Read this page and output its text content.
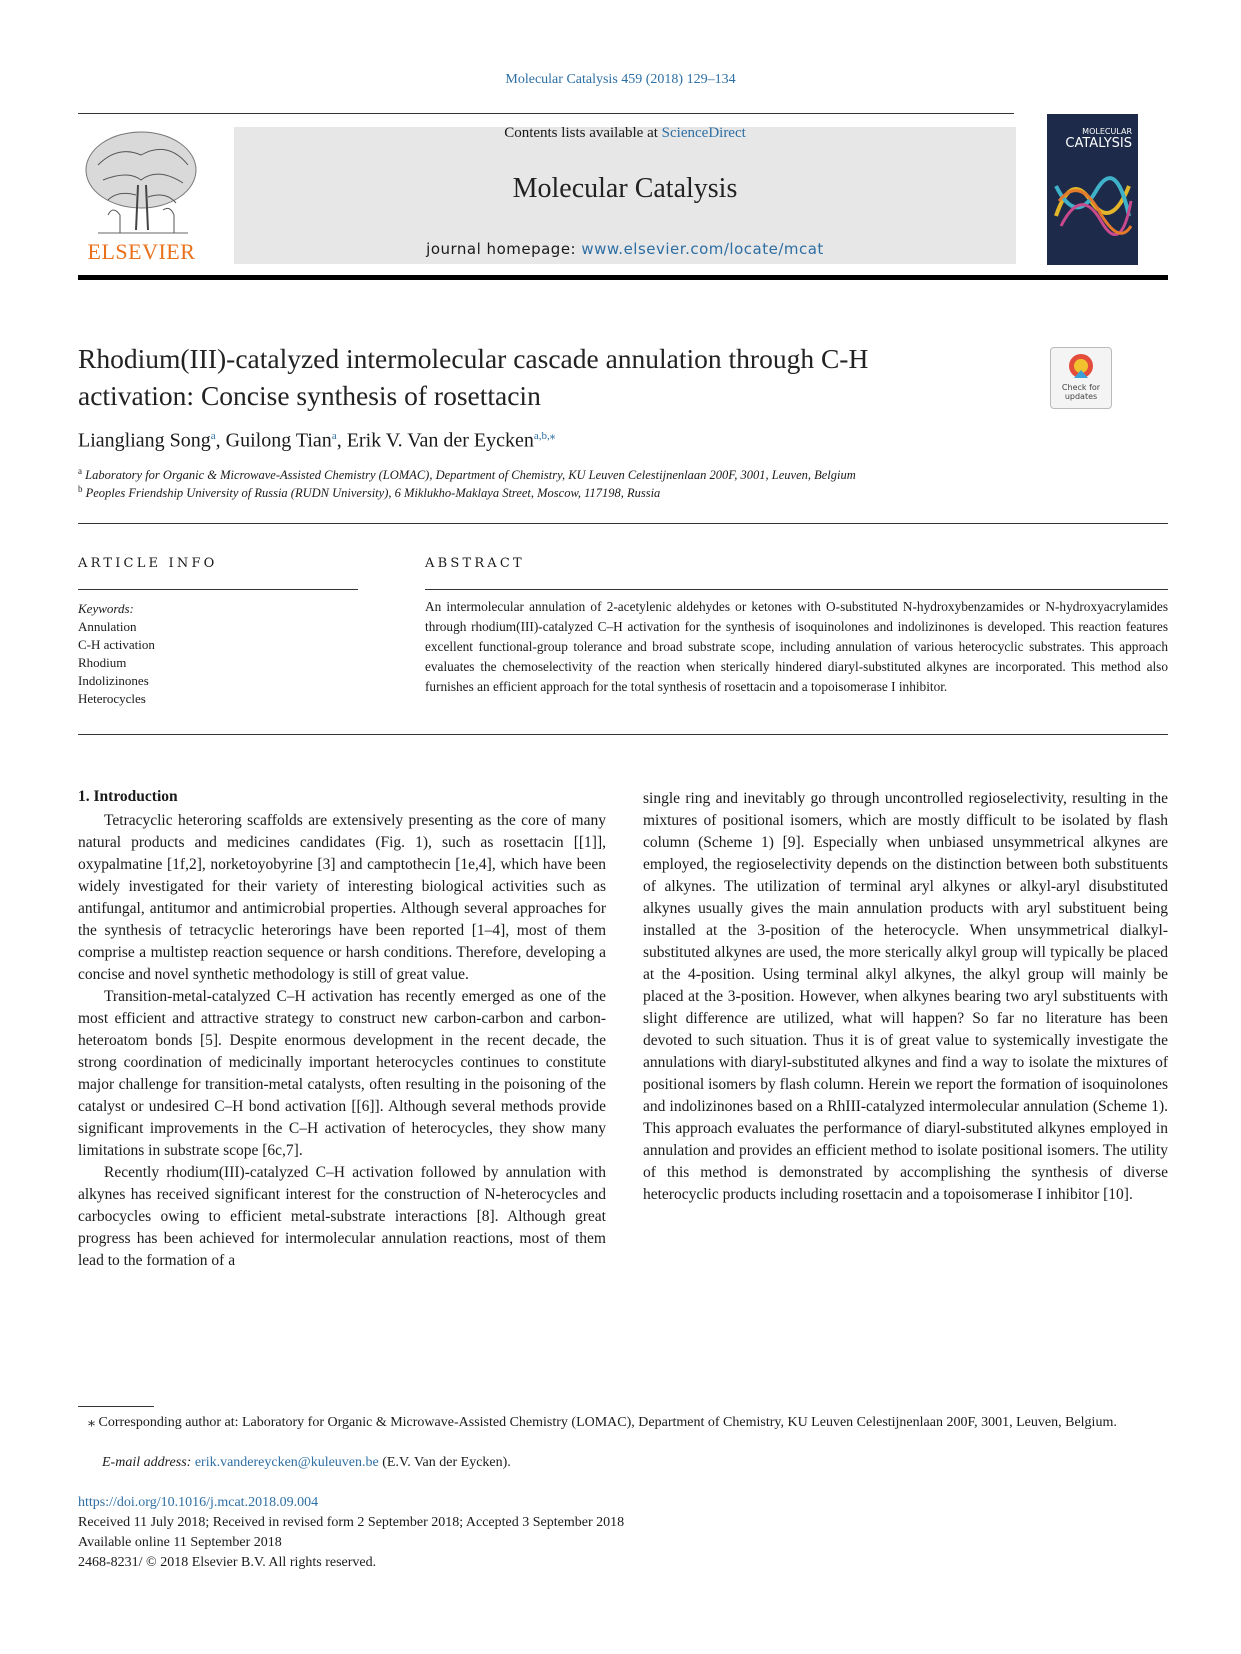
Molecular Catalysis 459 (2018) 129–134
ELSEVIER
Contents lists available at ScienceDirect
Molecular Catalysis
journal homepage: www.elsevier.com/locate/mcat
MOLECULAR
CATALYSIS
Rhodium(III)-catalyzed intermolecular cascade annulation through C-H
activation: Concise synthesis of rosettacin	Check for updates
Liangliang Song$^a$, Guilong Tian$^a$, Erik V. Van der Eycken$^{a,b,⁎}$
$^a$ Laboratory for Organic & Microwave-Assisted Chemistry (LOMAC), Department of Chemistry, KU Leuven Celestijnenlaan 200F, 3001, Leuven, Belgium
$^b$ Peoples Friendship University of Russia (RUDN University), 6 Miklukho-Maklaya Street, Moscow, 117198, Russia
ARTICLE INFO	ABSTRACT
Keywords:
Annulation
C-H activation
Rhodium
Indolizinones
Heterocycles
An intermolecular annulation of 2-acetylenic aldehydes or ketones with O-substituted N-hydroxybenzamides or N-hydroxyacrylamides through rhodium(III)-catalyzed C–H activation for the synthesis of isoquinolones and indolizinones is developed. This reaction features excellent functional-group tolerance and broad substrate scope, including annulation of various heterocyclic substrates. This approach evaluates the chemoselectivity of the reaction when sterically hindered diaryl-substituted alkynes are incorporated. This method also furnishes an efficient approach for the total synthesis of rosettacin and a topoisomerase I inhibitor.
1. Introduction

Tetracyclic heteroring scaffolds are extensively presenting as the core of many natural products and medicines candidates (Fig. 1), such as rosettacin [[1]], oxypalmatine [1f,2], norketoyobyrine [3] and camptothecin [1e,4], which have been widely investigated for their variety of interesting biological activities such as antifungal, antitumor and antimicrobial properties. Although several approaches for the synthesis of tetracyclic heterorings have been reported [1–4], most of them comprise a multistep reaction sequence or harsh conditions. Therefore, developing a concise and novel synthetic methodology is still of great value.

Transition-metal-catalyzed C–H activation has recently emerged as one of the most efficient and attractive strategy to construct new carbon-carbon and carbon-heteroatom bonds [5]. Despite enormous development in the recent decade, the strong coordination of medicinally important heterocycles continues to constitute major challenge for transition-metal catalysts, often resulting in the poisoning of the catalyst or undesired C–H bond activation [[6]]. Although several methods provide significant improvements in the C–H activation of heterocycles, they show many limitations in substrate scope [6c,7].

Recently rhodium(III)-catalyzed C–H activation followed by annulation with alkynes has received significant interest for the construction of N-heterocycles and carbocycles owing to efficient metal-substrate interactions [8]. Although great progress has been achieved for intermolecular annulation reactions, most of them lead to the formation of a

single ring and inevitably go through uncontrolled regioselectivity, resulting in the mixtures of positional isomers, which are mostly difficult to be isolated by flash column (Scheme 1) [9]. Especially when unbiased unsymmetrical alkynes are employed, the regioselectivity depends on the distinction between both substituents of alkynes. The utilization of terminal aryl alkynes or alkyl-aryl disubstituted alkynes usually gives the main annulation products with aryl substituent being installed at the 3-position of the heterocycle. When unsymmetrical dialkyl-substituted alkynes are used, the more sterically alkyl group will typically be placed at the 4-position. Using terminal alkyl alkynes, the alkyl group will mainly be placed at the 3-position. However, when alkynes bearing two aryl substituents with slight difference are utilized, what will happen? So far no literature has been devoted to such situation. Thus it is of great value to systemically investigate the annulations with diaryl-substituted alkynes and find a way to isolate the mixtures of positional isomers by flash column. Herein we report the formation of isoquinolones and indolizinones based on a RhIII-catalyzed intermolecular annulation (Scheme 1). This approach evaluates the performance of diaryl-substituted alkynes employed in annulation and provides an efficient method to isolate positional isomers. The utility of this method is demonstrated by accomplishing the synthesis of diverse heterocyclic products including rosettacin and a topoisomerase I inhibitor [10].

⁎ Corresponding author at: Laboratory for Organic & Microwave-Assisted Chemistry (LOMAC), Department of Chemistry, KU Leuven Celestijnenlaan 200F, 3001, Leuven, Belgium.
E-mail address: erik.vandereycken@kuleuven.be (E.V. Van der Eycken).
https://doi.org/10.1016/j.mcat.2018.09.004
Received 11 July 2018; Received in revised form 2 September 2018; Accepted 3 September 2018
Available online 11 September 2018
2468-8231/ © 2018 Elsevier B.V. All rights reserved.
